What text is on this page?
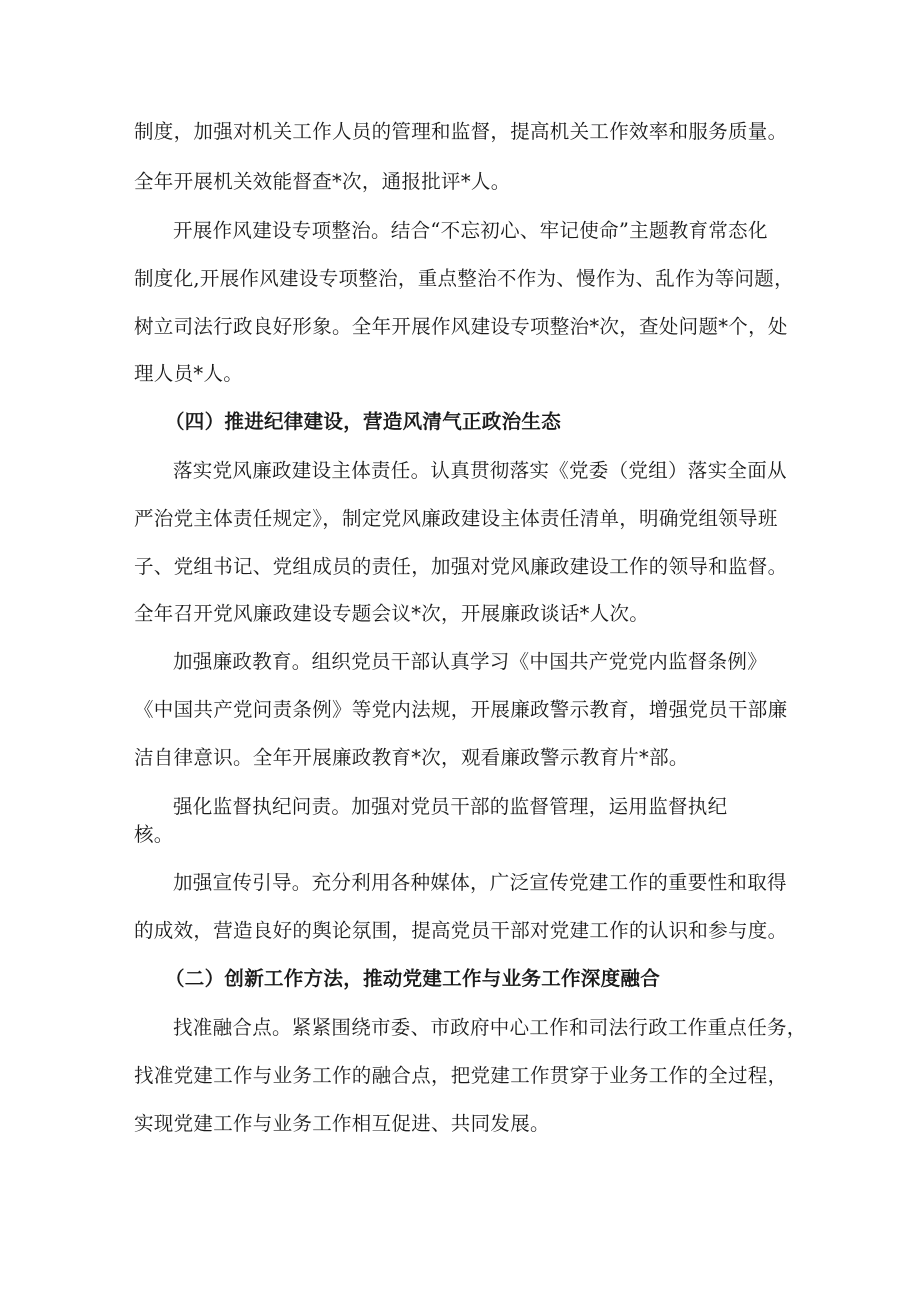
制度，加强对机关工作人员的管理和监督，提高机关工作效率和服务质量。
全年开展机关效能督查*次，通报批评*人。
开展作风建设专项整治。结合“不忘初心、牢记使命”主题教育常态化
制度化,开展作风建设专项整治，重点整治不作为、慢作为、乱作为等问题，
树立司法行政良好形象。全年开展作风建设专项整治*次，查处问题*个，处
理人员*人。
（四）推进纪律建设，营造风清气正政治生态
落实党风廉政建设主体责任。认真贯彻落实《党委（党组）落实全面从
严治党主体责任规定》，制定党风廉政建设主体责任清单，明确党组领导班
子、党组书记、党组成员的责任，加强对党风廉政建设工作的领导和监督。
全年召开党风廉政建设专题会议*次，开展廉政谈话*人次。
加强廉政教育。组织党员干部认真学习《中国共产党党内监督条例》
《中国共产党问责条例》等党内法规，开展廉政警示教育，增强党员干部廉
洁自律意识。全年开展廉政教育*次，观看廉政警示教育片*部。
强化监督执纪问责。加强对党员干部的监督管理，运用监督执纪
核。
加强宣传引导。充分利用各种媒体，广泛宣传党建工作的重要性和取得
的成效，营造良好的舆论氛围，提高党员干部对党建工作的认识和参与度。
（二）创新工作方法，推动党建工作与业务工作深度融合
找准融合点。紧紧围绕市委、市政府中心工作和司法行政工作重点任务，
找准党建工作与业务工作的融合点，把党建工作贯穿于业务工作的全过程，
实现党建工作与业务工作相互促进、共同发展。
